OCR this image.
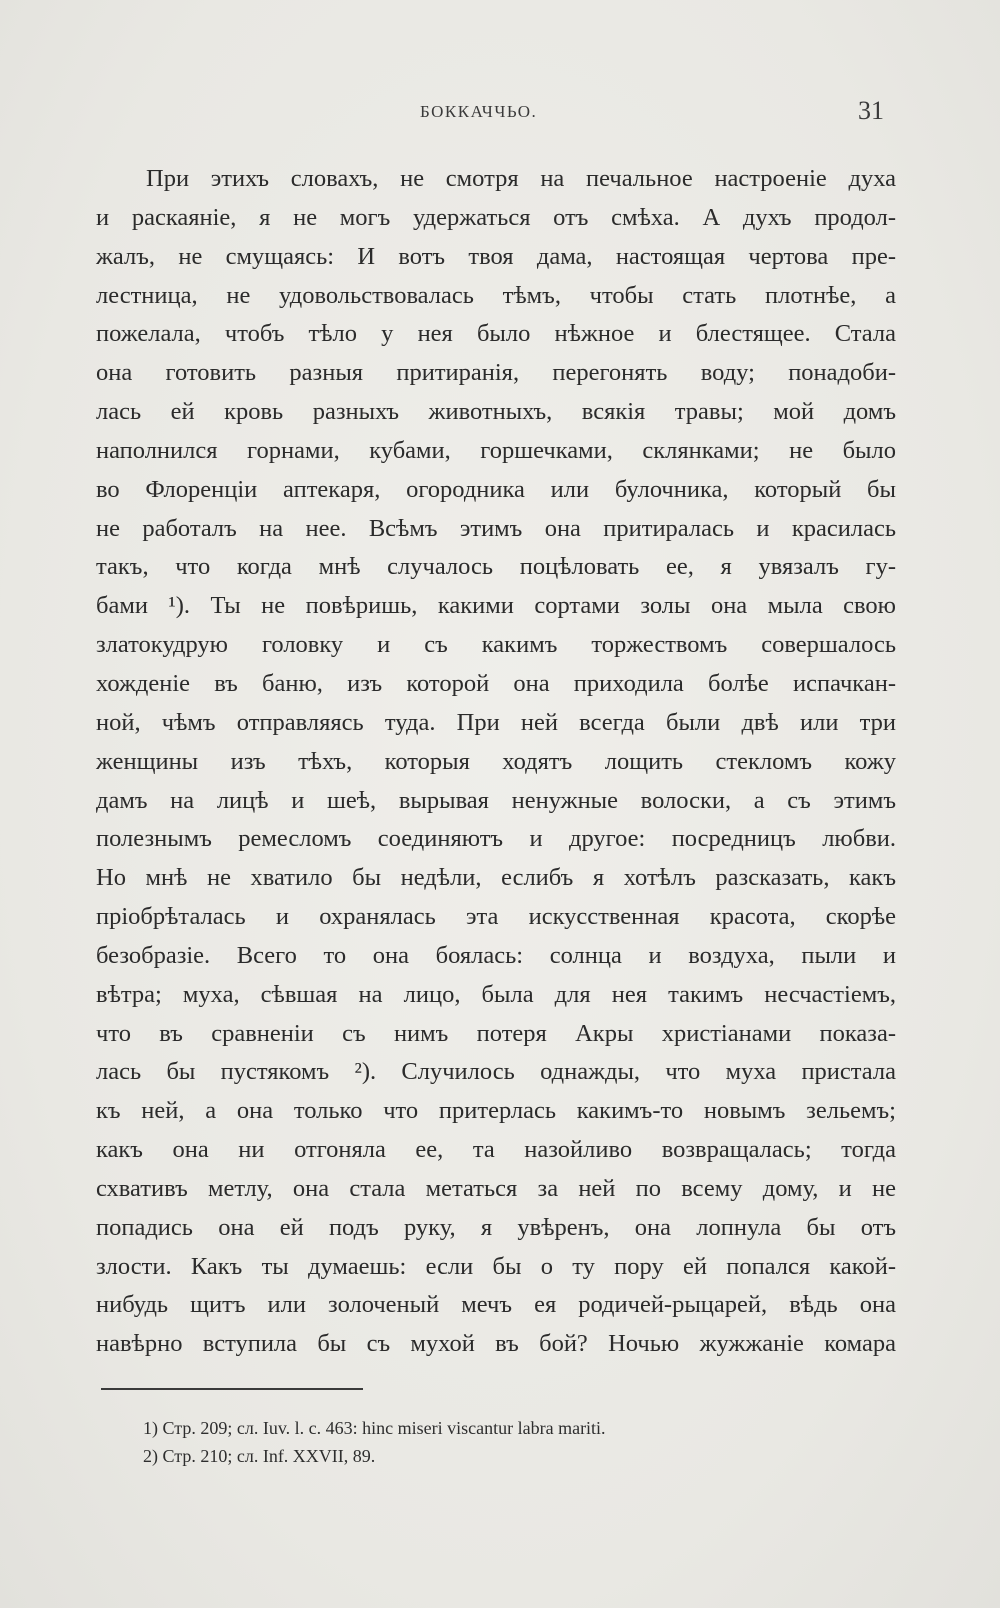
БОККАЧЧЬО.	31
При этихъ словахъ, не смотря на печальное настроеніе духа
и раскаяніе, я не могъ удержаться отъ смѣха. А духъ продол-
жалъ, не смущаясь: И вотъ твоя дама, настоящая чертова пре-
лестница, не удовольствовалась тѣмъ, чтобы стать плотнѣе, а
пожелала, чтобъ тѣло у нея было нѣжное и блестящее. Стала
она готовить разныя притиранія, перегонять воду; понадоби-
лась ей кровь разныхъ животныхъ, всякія травы; мой домъ
наполнился горнами, кубами, горшечками, склянками; не было
во Флоренціи аптекаря, огородника или булочника, который бы
не работалъ на нее. Всѣмъ этимъ она притиралась и красилась
такъ, что когда мнѣ случалось поцѣловать ее, я увязалъ гу-
бами ¹). Ты не повѣришь, какими сортами золы она мыла свою
златокудрую головку и съ какимъ торжествомъ совершалось
хожденіе въ баню, изъ которой она приходила болѣе испачкан-
ной, чѣмъ отправляясь туда. При ней всегда были двѣ или три
женщины изъ тѣхъ, которыя ходятъ лощить стекломъ кожу
дамъ на лицѣ и шеѣ, вырывая ненужные волоски, а съ этимъ
полезнымъ ремесломъ соединяютъ и другое: посредницъ любви.
Но мнѣ не хватило бы недѣли, еслибъ я хотѣлъ разсказать, какъ
пріобрѣталась и охранялась эта искусственная красота, скорѣе
безобразіе. Всего то она боялась: солнца и воздуха, пыли и
вѣтра; муха, сѣвшая на лицо, была для нея такимъ несчастіемъ,
что въ сравненіи съ нимъ потеря Акры христіанами показа-
лась бы пустякомъ ²). Случилось однажды, что муха пристала
къ ней, а она только что притерлась какимъ-то новымъ зельемъ;
какъ она ни отгоняла ее, та назойливо возвращалась; тогда
схвативъ метлу, она стала метаться за ней по всему дому, и не
попадись она ей подъ руку, я увѣренъ, она лопнула бы отъ
злости. Какъ ты думаешь: если бы о ту пору ей попался какой-
нибудь щитъ или золоченый мечъ ея родичей-рыцарей, вѣдь она
навѣрно вступила бы съ мухой въ бой? Ночью жужжаніе комара
1) Стр. 209; сл. Iuv. l. c. 463: hinc miseri viscantur labra mariti.
2) Стр. 210; сл. Inf. XXVII, 89.
